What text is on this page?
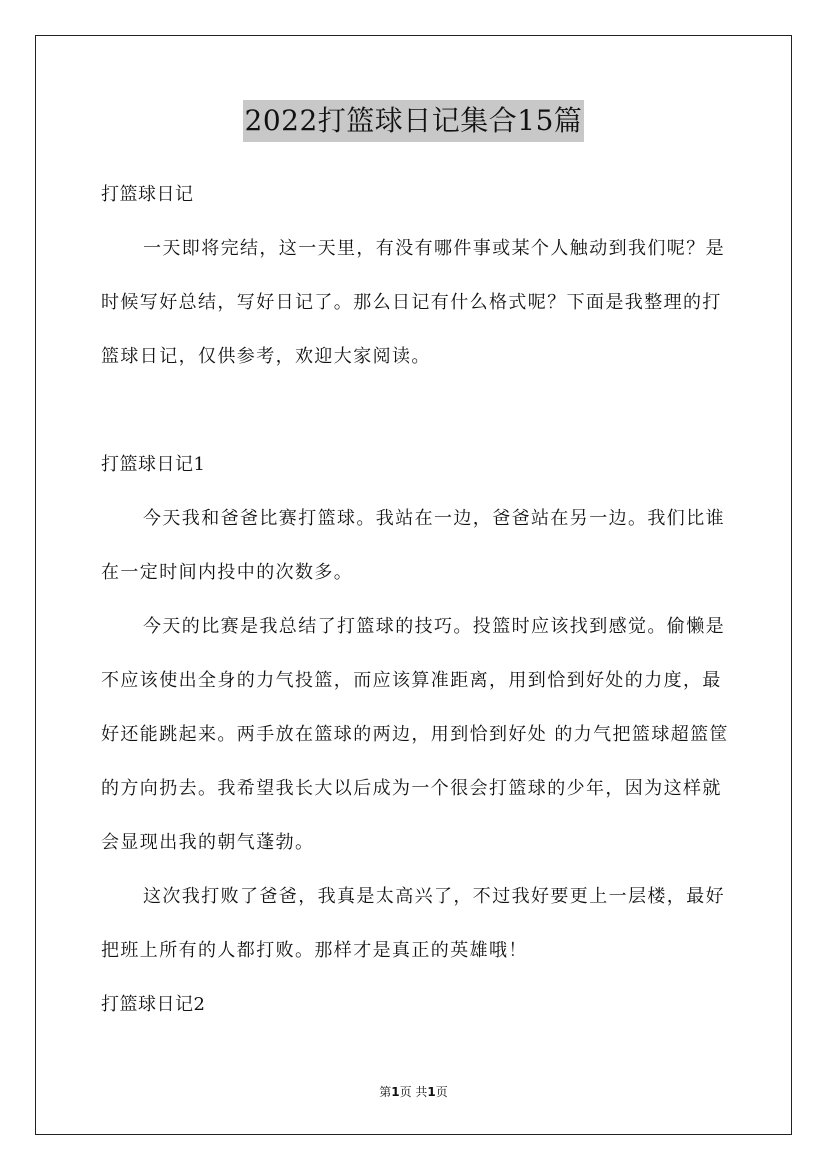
2022打篮球日记集合15篇

打篮球日记

一天即将完结，这一天里，有没有哪件事或某个人触动到我们呢？是时候写好总结，写好日记了。那么日记有什么格式呢？下面是我整理的打篮球日记，仅供参考，欢迎大家阅读。

打篮球日记1

今天我和爸爸比赛打篮球。我站在一边，爸爸站在另一边。我们比谁在一定时间内投中的次数多。

今天的比赛是我总结了打篮球的技巧。投篮时应该找到感觉。偷懒是不应该使出全身的力气投篮，而应该算准距离，用到恰到好处的力度，最好还能跳起来。两手放在篮球的两边，用到恰到好处 的力气把篮球超篮筐的方向扔去。我希望我长大以后成为一个很会打篮球的少年，因为这样就会显现出我的朝气蓬勃。

这次我打败了爸爸，我真是太高兴了，不过我好要更上一层楼，最好把班上所有的人都打败。那样才是真正的英雄哦！

打篮球日记2

第1页 共1页
